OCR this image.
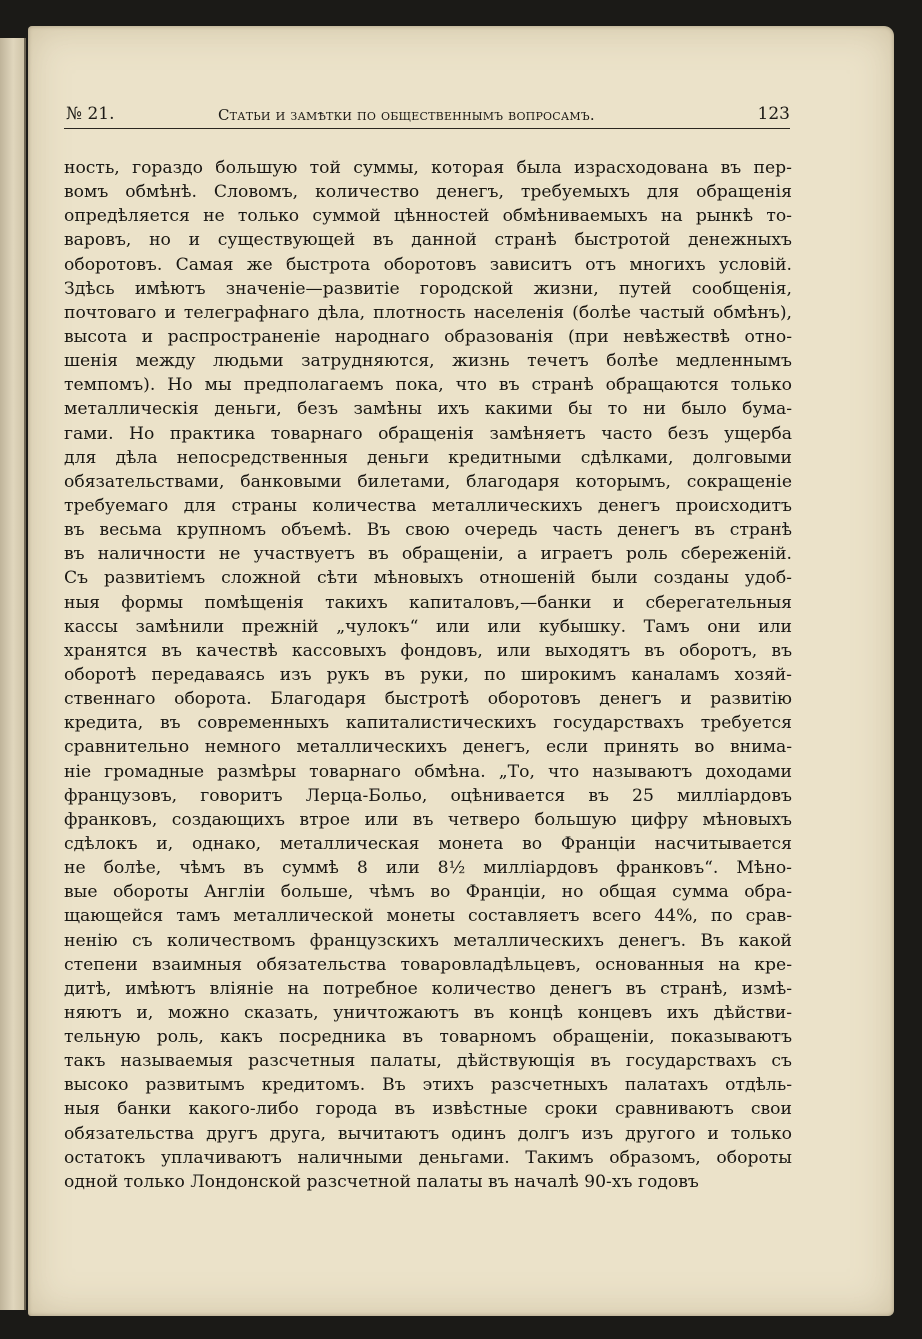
№ 21.	Статьи и замѣтки по общественнымъ вопросамъ.	123
ность, гораздо большую той суммы, которая была израсходована въ пер-
вомъ обмѣнѣ. Словомъ, количество денегъ, требуемыхъ для обращенія
опредѣляется не только суммой цѣнностей обмѣниваемыхъ на рынкѣ то-
варовъ, но и существующей въ данной странѣ быстротой денежныхъ
оборотовъ. Самая же быстрота оборотовъ зависитъ отъ многихъ условій.
Здѣсь имѣютъ значеніе—развитіе городской жизни, путей сообщенія,
почтоваго и телеграфнаго дѣла, плотность населенія (болѣе частый обмѣнъ),
высота и распространеніе народнаго образованія (при невѣжествѣ отно-
шенія между людьми затрудняются, жизнь течетъ болѣе медленнымъ
темпомъ). Но мы предполагаемъ пока, что въ странѣ обращаются только
металлическія деньги, безъ замѣны ихъ какими бы то ни было бума-
гами. Но практика товарнаго обращенія замѣняетъ часто безъ ущерба
для дѣла непосредственныя деньги кредитными сдѣлками, долговыми
обязательствами, банковыми билетами, благодаря которымъ, сокращеніе
требуемаго для страны количества металлическихъ денегъ происходитъ
въ весьма крупномъ объемѣ. Въ свою очередь часть денегъ въ странѣ
въ наличности не участвуетъ въ обращеніи, а играетъ роль сбереженій.
Съ развитіемъ сложной сѣти мѣновыхъ отношеній были созданы удоб-
ныя формы помѣщенія такихъ капиталовъ,—банки и сберегательныя
кассы замѣнили прежній „чулокъ“ или или кубышку. Тамъ они или
хранятся въ качествѣ кассовыхъ фондовъ, или выходятъ въ оборотъ, въ
оборотѣ передаваясь изъ рукъ въ руки, по широкимъ каналамъ хозяй-
ственнаго оборота. Благодаря быстротѣ оборотовъ денегъ и развитію
кредита, въ современныхъ капиталистическихъ государствахъ требуется
сравнительно немного металлическихъ денегъ, если принять во внима-
ніе громадные размѣры товарнаго обмѣна. „То, что называютъ доходами
французовъ, говоритъ Лерца-Больо, оцѣнивается въ 25 милліардовъ
франковъ, создающихъ втрое или въ четверо большую цифру мѣновыхъ
сдѣлокъ и, однако, металлическая монета во Франціи насчитывается
не болѣе, чѣмъ въ суммѣ 8 или 8½ милліардовъ франковъ“. Мѣно-
вые обороты Англіи больше, чѣмъ во Франціи, но общая сумма обра-
щающейся тамъ металлической монеты составляетъ всего 44%, по срав-
ненію съ количествомъ французскихъ металлическихъ денегъ. Въ какой
степени взаимныя обязательства товаровладѣльцевъ, основанныя на кре-
дитѣ, имѣютъ вліяніе на потребное количество денегъ въ странѣ, измѣ-
няютъ и, можно сказать, уничтожаютъ въ концѣ концевъ ихъ дѣйстви-
тельную роль, какъ посредника въ товарномъ обращеніи, показываютъ
такъ называемыя разсчетныя палаты, дѣйствующія въ государствахъ съ
высоко развитымъ кредитомъ. Въ этихъ разсчетныхъ палатахъ отдѣль-
ныя банки какого-либо города въ извѣстные сроки сравниваютъ свои
обязательства другъ друга, вычитаютъ одинъ долгъ изъ другого и только
остатокъ уплачиваютъ наличными деньгами. Такимъ образомъ, обороты
одной только Лондонской разсчетной палаты въ началѣ 90-хъ годовъ
